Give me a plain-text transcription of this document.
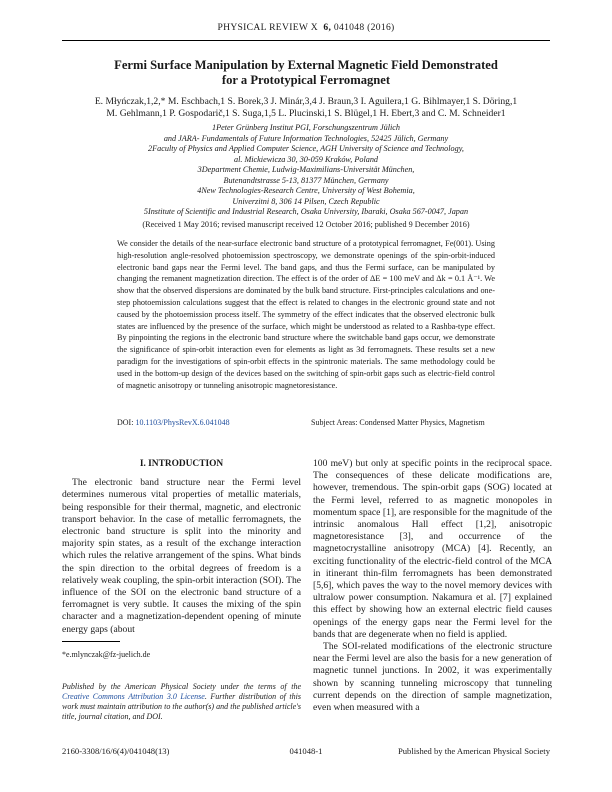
PHYSICAL REVIEW X 6, 041048 (2016)
Fermi Surface Manipulation by External Magnetic Field Demonstrated
for a Prototypical Ferromagnet
E. Młyńczak,1,2,* M. Eschbach,1 S. Borek,3 J. Minár,3,4 J. Braun,3 I. Aguilera,1 G. Bihlmayer,1 S. Döring,1
M. Gehlmann,1 P. Gospodarič,1 S. Suga,1,5 L. Plucinski,1 S. Blügel,1 H. Ebert,3 and C. M. Schneider1
1Peter Grünberg Institut PGI, Forschungszentrum Jülich
and JARA- Fundamentals of Future Information Technologies, 52425 Jülich, Germany
2Faculty of Physics and Applied Computer Science, AGH University of Science and Technology,
al. Mickiewicza 30, 30-059 Kraków, Poland
3Department Chemie, Ludwig-Maximilians-Universität München,
Butenandtstrasse 5-13, 81377 München, Germany
4New Technologies-Research Centre, University of West Bohemia,
Univerzitni 8, 306 14 Pilsen, Czech Republic
5Institute of Scientific and Industrial Research, Osaka University, Ibaraki, Osaka 567-0047, Japan
(Received 1 May 2016; revised manuscript received 12 October 2016; published 9 December 2016)

We consider the details of the near-surface electronic band structure of a prototypical ferromagnet, Fe(001). Using high-resolution angle-resolved photoemission spectroscopy, we demonstrate openings of the spin-orbit-induced electronic band gaps near the Fermi level. The band gaps, and thus the Fermi surface, can be manipulated by changing the remanent magnetization direction. The effect is of the order of ΔE = 100 meV and Δk = 0.1 Å⁻¹. We show that the observed dispersions are dominated by the bulk band structure. First-principles calculations and one-step photoemission calculations suggest that the effect is related to changes in the electronic ground state and not caused by the photoemission process itself. The symmetry of the effect indicates that the observed electronic bulk states are influenced by the presence of the surface, which might be understood as related to a Rashba-type effect. By pinpointing the regions in the electronic band structure where the switchable band gaps occur, we demonstrate the significance of spin-orbit interaction even for elements as light as 3d ferromagnets. These results set a new paradigm for the investigations of spin-orbit effects in the spintronic materials. The same methodology could be used in the bottom-up design of the devices based on the switching of spin-orbit gaps such as electric-field control of magnetic anisotropy or tunneling anisotropic magnetoresistance.

DOI: 10.1103/PhysRevX.6.041048	Subject Areas: Condensed Matter Physics, Magnetism
I. INTRODUCTION

The electronic band structure near the Fermi level determines numerous vital properties of metallic materials, being responsible for their thermal, magnetic, and electronic transport behavior. In the case of metallic ferromagnets, the electronic band structure is split into the minority and majority spin states, as a result of the exchange interaction which rules the relative arrangement of the spins. What binds the spin direction to the orbital degrees of freedom is a relatively weak coupling, the spin-orbit interaction (SOI). The influence of the SOI on the electronic band structure of a ferromagnet is very subtle. It causes the mixing of the spin character and a magnetization-dependent opening of minute energy gaps (about

100 meV) but only at specific points in the reciprocal space. The consequences of these delicate modifications are, however, tremendous. The spin-orbit gaps (SOG) located at the Fermi level, referred to as magnetic monopoles in momentum space [1], are responsible for the magnitude of the intrinsic anomalous Hall effect [1,2], anisotropic magnetoresistance [3], and occurrence of the magnetocrystalline anisotropy (MCA) [4]. Recently, an exciting functionality of the electric-field control of the MCA in itinerant thin-film ferromagnets has been demonstrated [5,6], which paves the way to the novel memory devices with ultralow power consumption. Nakamura et al. [7] explained this effect by showing how an external electric field causes openings of the energy gaps near the Fermi level for the bands that are degenerate when no field is applied.

The SOI-related modifications of the electronic structure near the Fermi level are also the basis for a new generation of magnetic tunnel junctions. In 2002, it was experimentally shown by scanning tunneling microscopy that tunneling current depends on the direction of sample magnetization, even when measured with a

*e.mlynczak@fz-juelich.de
Published by the American Physical Society under the terms of the Creative Commons Attribution 3.0 License. Further distribution of this work must maintain attribution to the author(s) and the published article's title, journal citation, and DOI.
2160-3308/16/6(4)/041048(13)	041048-1	Published by the American Physical Society
